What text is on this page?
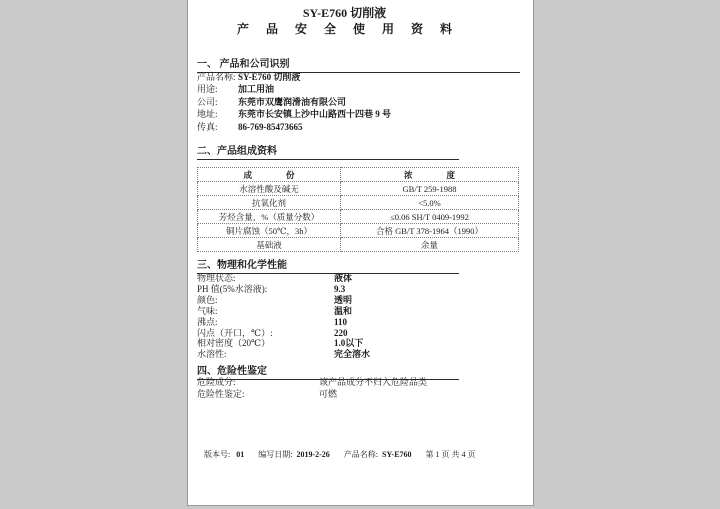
SY-E760 切削液
产品安全使用资料
一、 产品和公司识别
产品名称: SY-E760 切削液
用途:	加工用油
公司:	东莞市双鹰润滑油有限公司
地址:	东莞市长安镇上沙中山路西十四巷 9 号
传真:	86-769-85473665
二、产品组成资料
成　　　　份	浓　　　　度
水溶性酸及碱无	GB/T 259-1988
抗氧化剂	<5.0%
芳烃含量，%（质量分数）	≤0.06 SH/T 0409-1992
铜片腐蚀（50℃，3h）	合格 GB/T 378-1964（1990）
基础液	余量
三、物理和化学性能
物理状态:	液体
PH 值(5%水溶液):	9.3
颜色:	透明
气味:	温和
沸点:	110
闪点（开口，℃）:	220
相对密度（20℃）	1.0以下
水溶性:	完全溶水
四、危险性鉴定
危险成分:	该产品成分不归入危险品类
危险性鉴定:	可燃
版本号: 01 编写日期: 2019-2-26 产品名称: SY-E760 第 1 页 共 4 页
